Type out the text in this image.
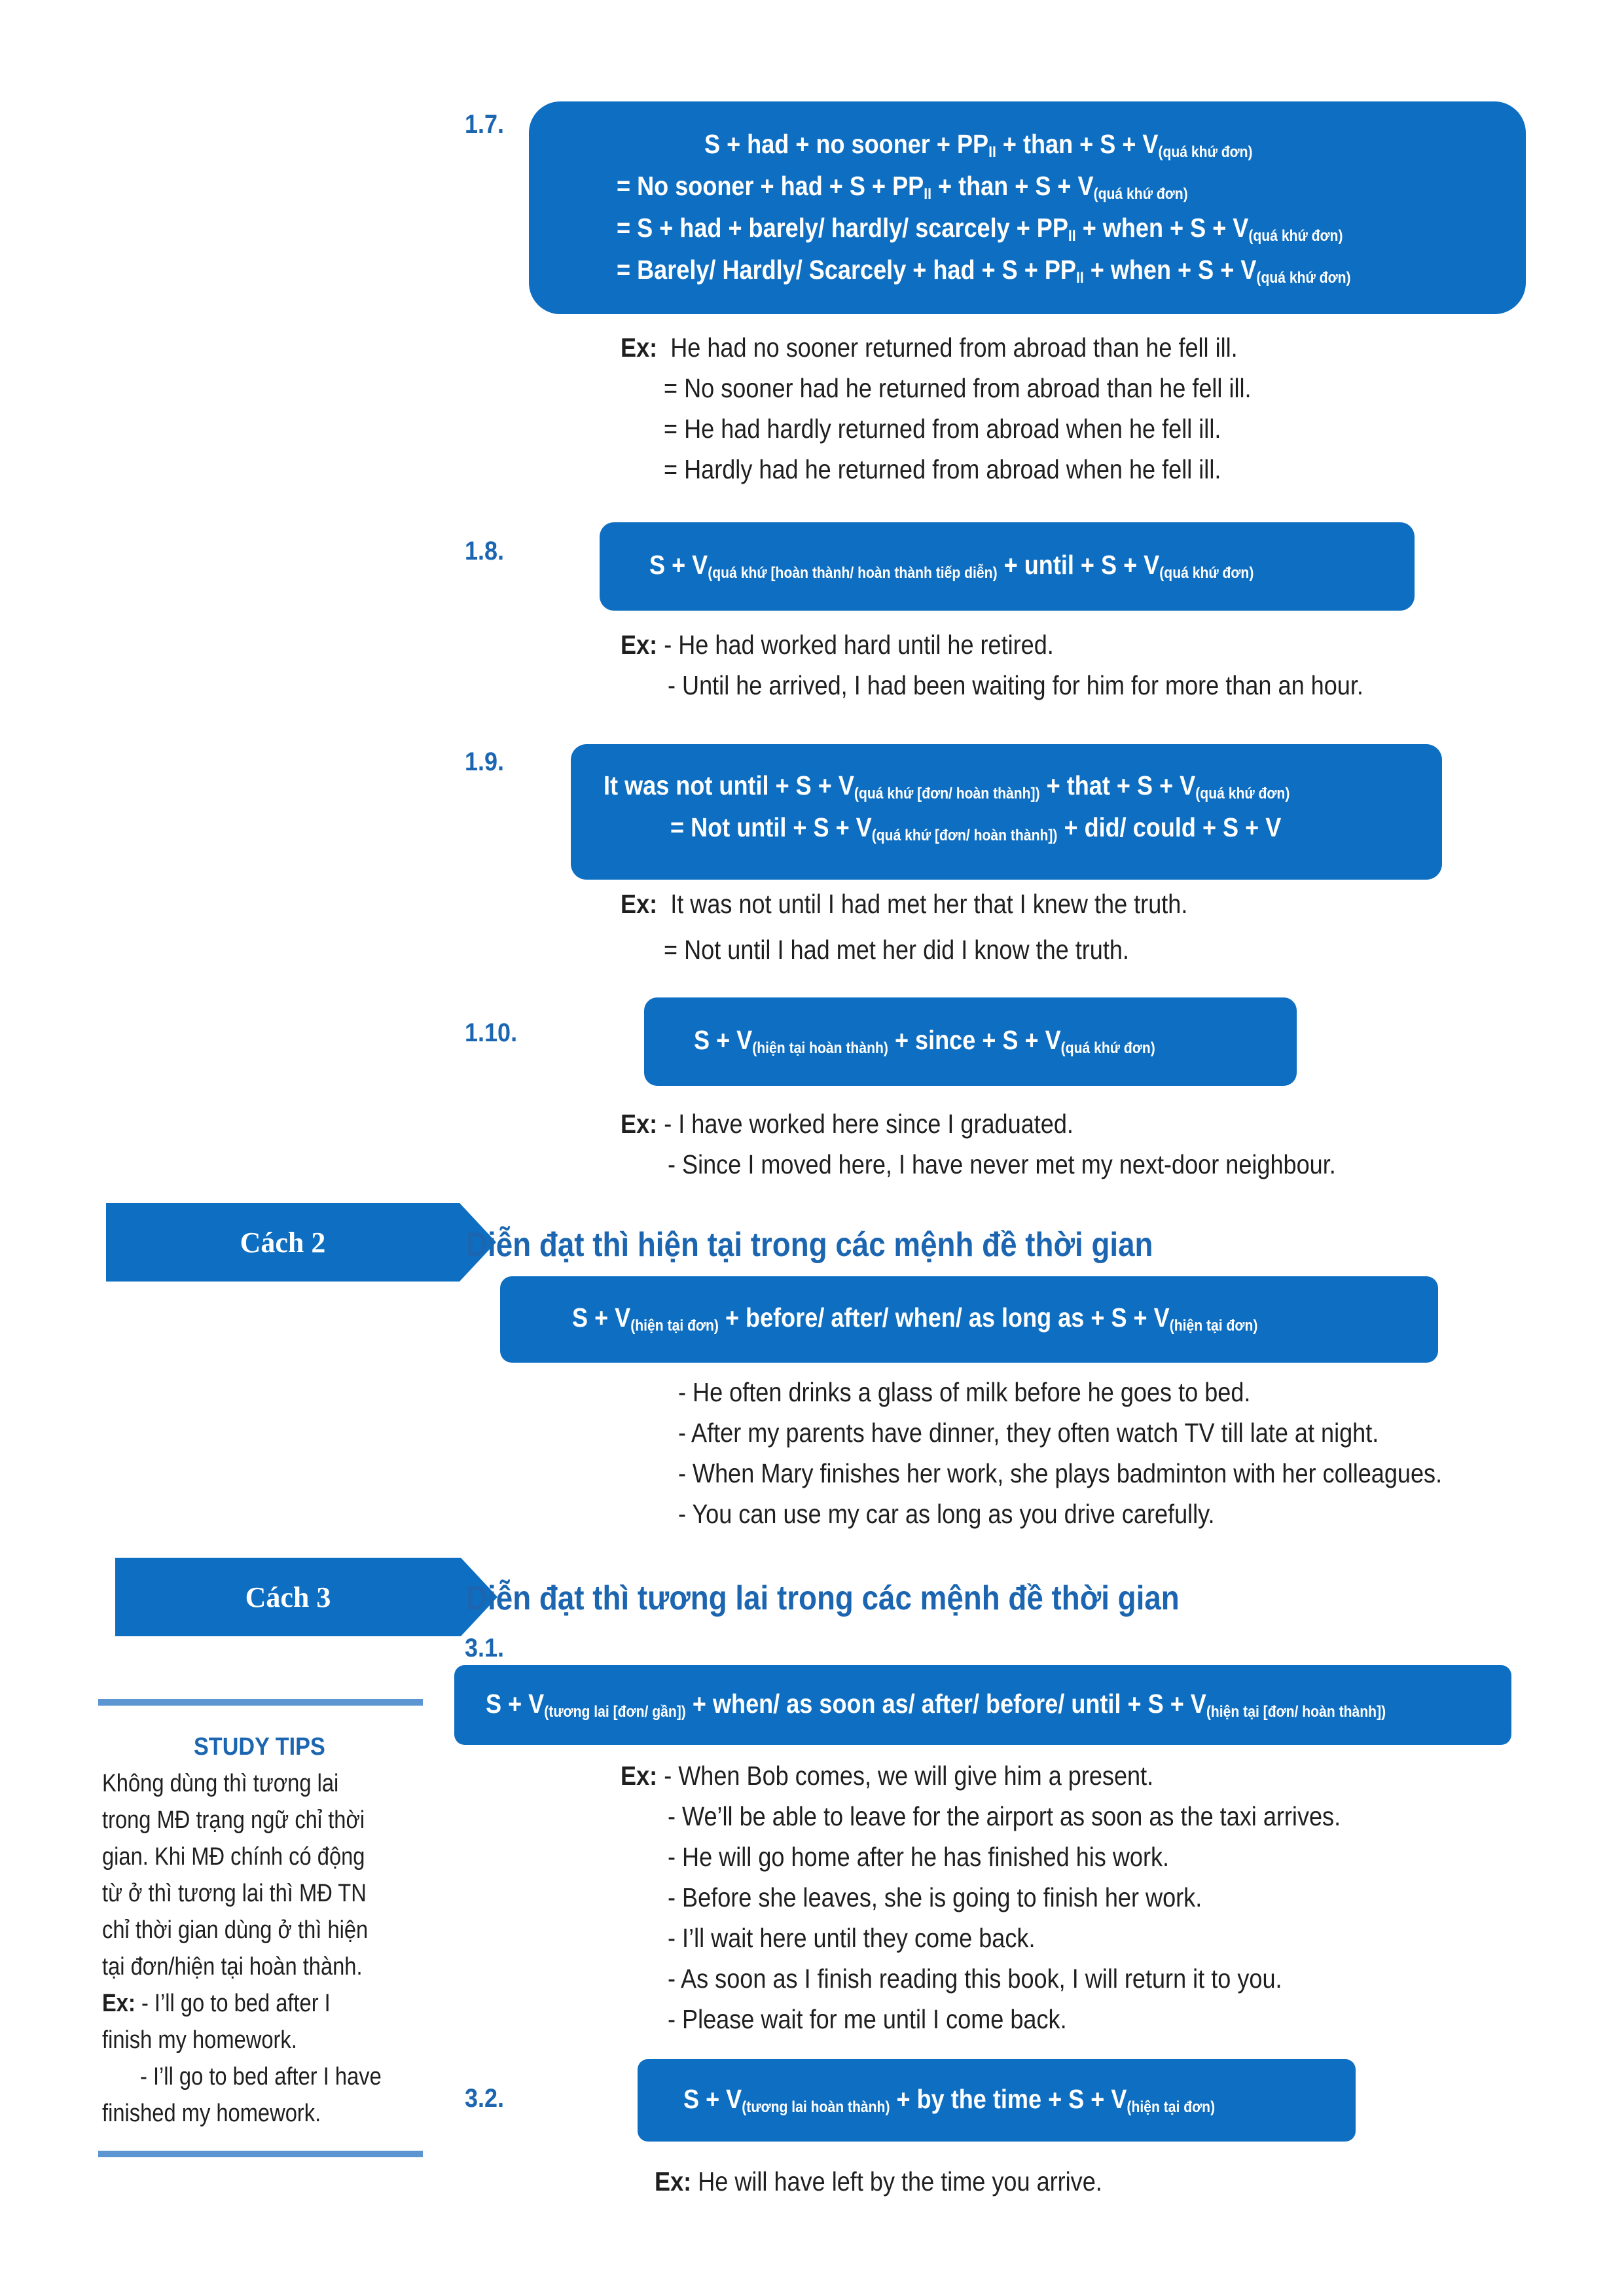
1.7.
S + had + no sooner + $PP_{II}$ + than + $S + V_{(quá khứ đơn)}$
= No sooner + had + $S + PP_{II}$ + than + $S + V_{(quá khứ đơn)}$
= S + had + barely/ hardly/ scarcely + $PP_{II}$ + when + $S + V_{(quá khứ đơn)}$
= Barely/ Hardly/ Scarcely + had + $S + PP_{II}$ + when + $S + V_{(quá khứ đơn)}$
Ex: He had no sooner returned from abroad than he fell ill.
= No sooner had he returned from abroad than he fell ill.
= He had hardly returned from abroad when he fell ill.
= Hardly had he returned from abroad when he fell ill.
1.8.	$S + V_{(quá khứ [hoàn thành/ hoàn thành tiếp diễn)}$ + until + $S + V_{(quá khứ đơn)}$
Ex: - He had worked hard until he retired.
- Until he arrived, I had been waiting for him for more than an hour.
1.9.
It was not until + $S + V_{(quá khứ [đơn/ hoàn thành])}$ + that + $S + V_{(quá khứ đơn)}$
= Not until + $S + V_{(quá khứ [đơn/ hoàn thành])} + did/$ could + S + V
Ex: It was not until I had met her that I knew the truth.
= Not until I had met her did I know the truth.
1.10.	$S + V_{(hiện tại hoàn thành)}$ + since + $S + V_{(quá khứ đơn)}$
Ex: - I have worked here since I graduated.
- Since I moved here, I have never met my next-door neighbour.
Cách 2	Diễn đạt thì hiện tại trong các mệnh đề thời gian
$S + V_{(hiện tại đơn)}$ + before/ after/ when/ as long as + $S + V_{(hiện tại đơn)}$
- He often drinks a glass of milk before he goes to bed.
- After my parents have dinner, they often watch TV till late at night.
- When Mary finishes her work, she plays badminton with her colleagues.
- You can use my car as long as you drive carefully.
Cách 3	Diễn đạt thì tương lai trong các mệnh đề thời gian
3.1.
$S + V_{(tương lai [đơn/ gần])}$ + when/ as soon as/ after/ before/ until + $S + V_{(hiện tại [đơn/ hoàn thành])}$
Ex: - When Bob comes, we will give him a present.
- We’ll be able to leave for the airport as soon as the taxi arrives.
- He will go home after he has finished his work.
- Before she leaves, she is going to finish her work.
- I’ll wait here until they come back.
- As soon as I finish reading this book, I will return it to you.
- Please wait for me until I come back.
3.2.	$S + V_{(tương lai hoàn thành)}$ + by the time + $S + V_{(hiện tại đơn)}$
Ex: He will have left by the time you arrive.
STUDY TIPS
Không dùng thì tương lai
trong MĐ trạng ngữ chỉ thời
gian. Khi MĐ chính có động
từ ở thì tương lai thì MĐ TN
chỉ thời gian dùng ở thì hiện
tại đơn/hiện tại hoàn thành.
Ex: - I’ll go to bed after I
finish my homework.
- I’ll go to bed after I have
finished my homework.
